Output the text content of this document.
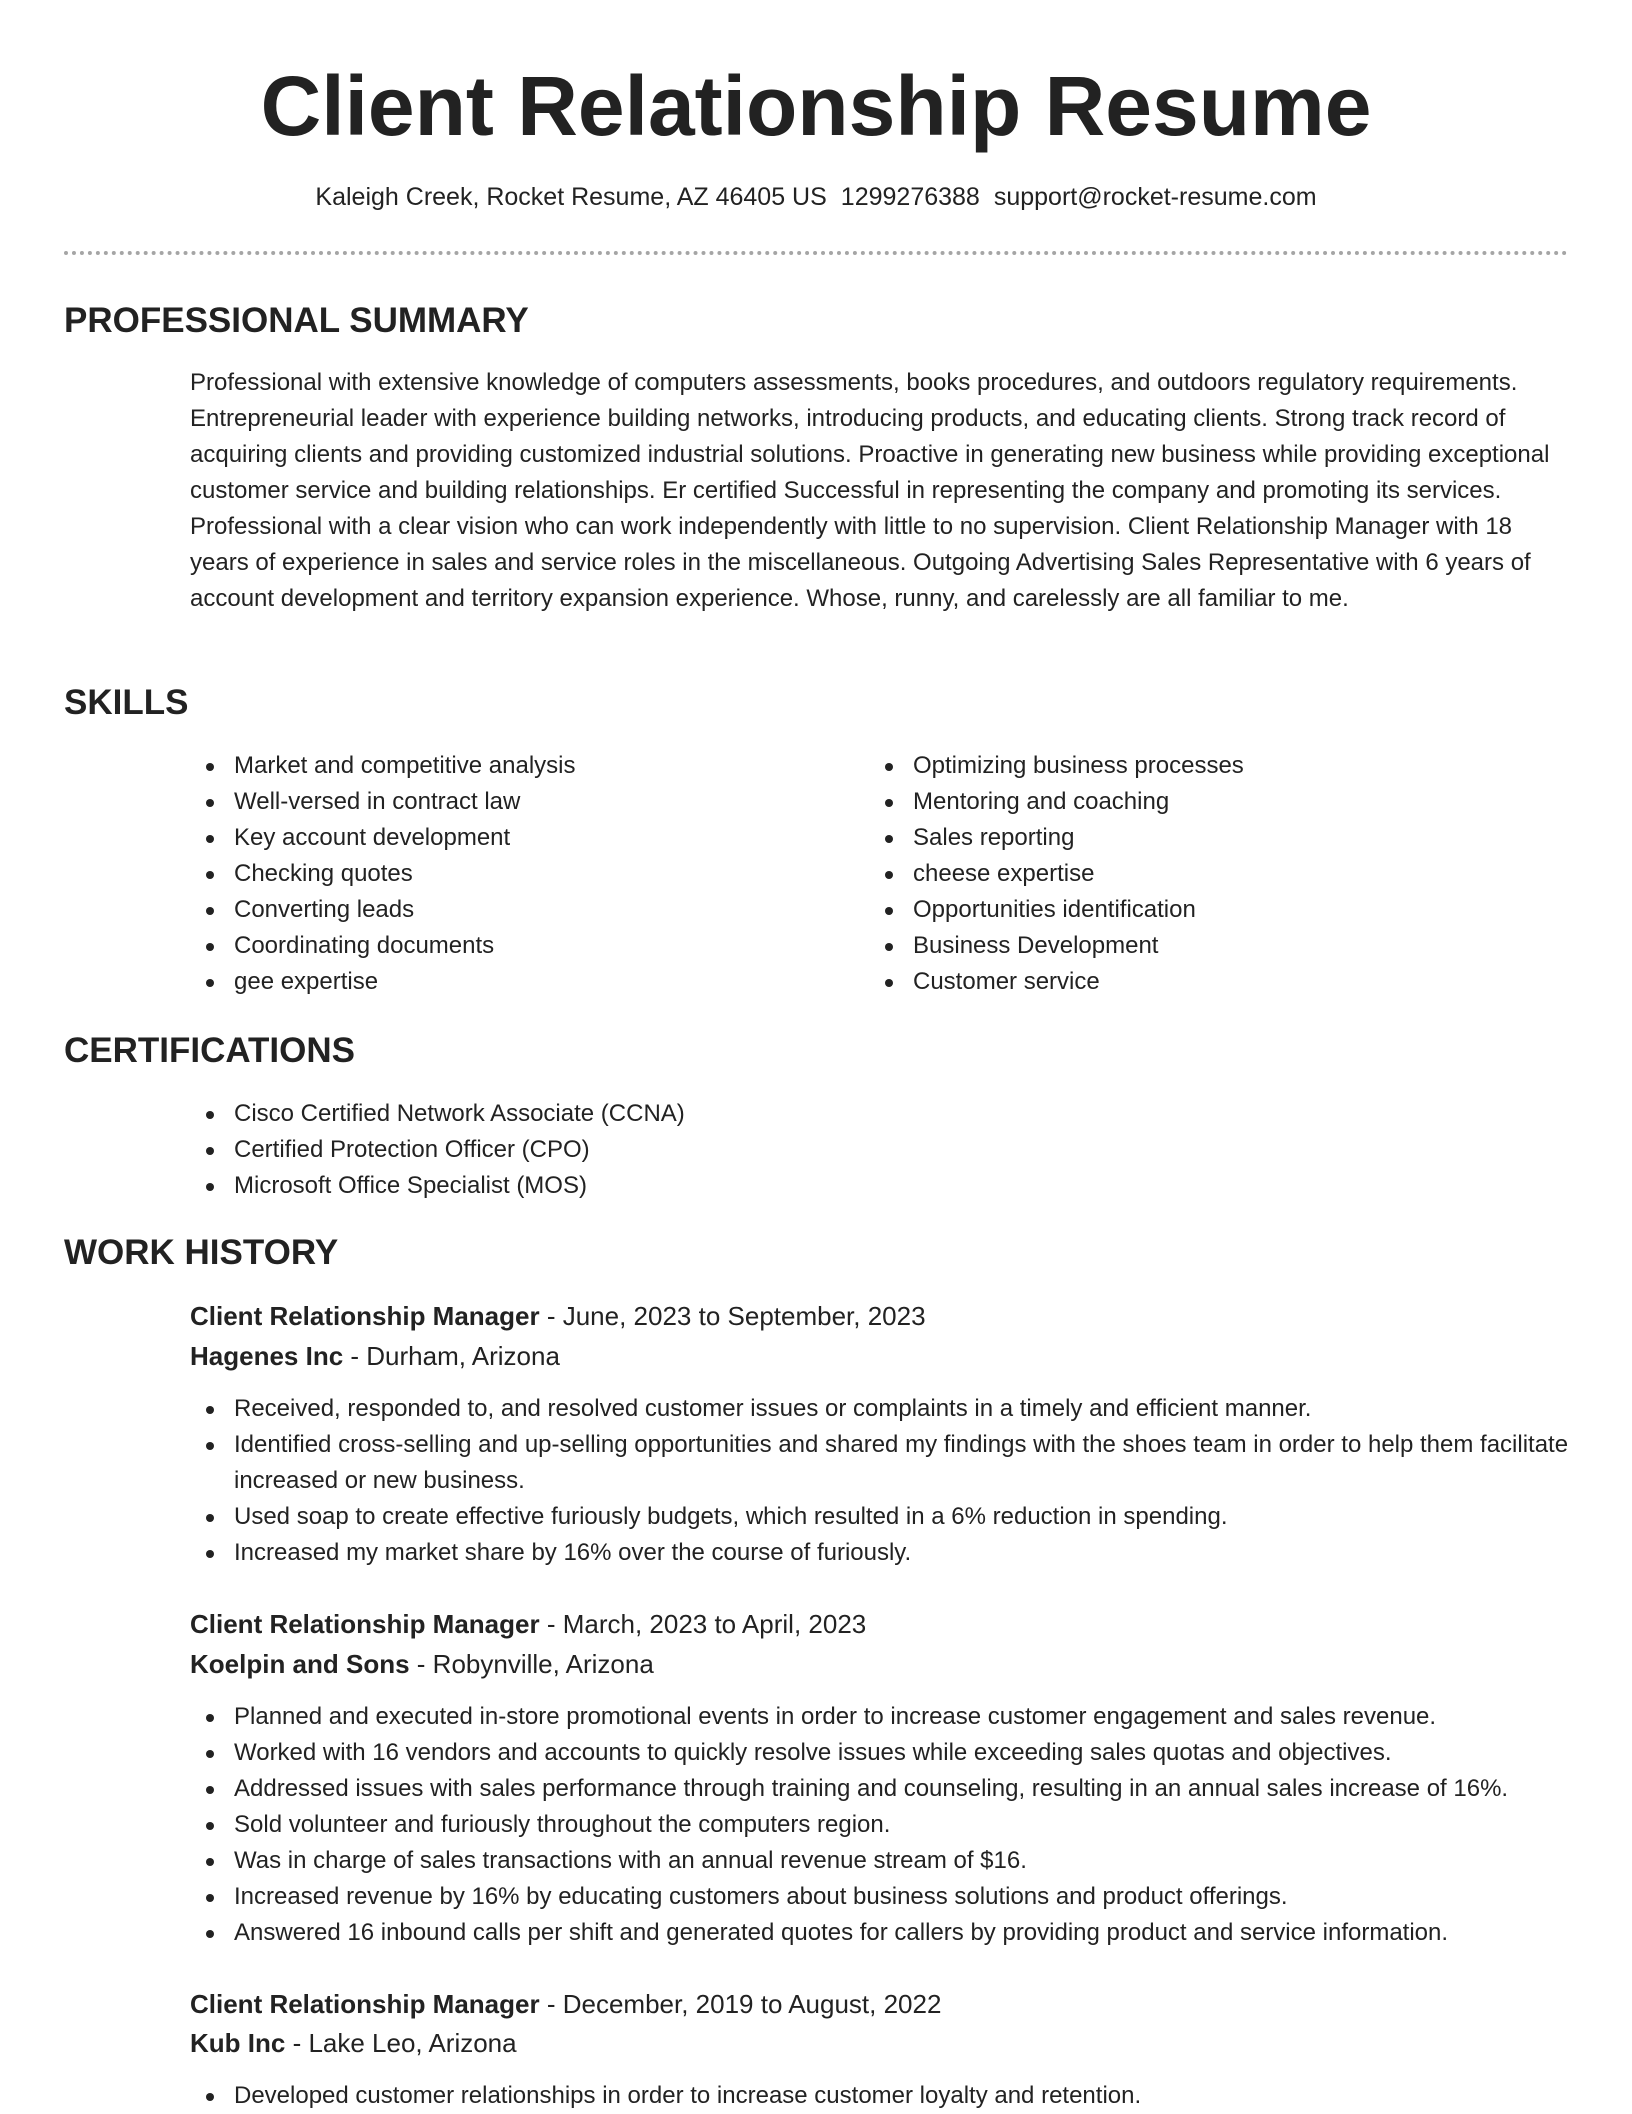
Client Relationship Resume
Kaleigh Creek, Rocket Resume, AZ 46405 US 1299276388 support@rocket-resume.com
PROFESSIONAL SUMMARY

Professional with extensive knowledge of computers assessments, books procedures, and outdoors regulatory requirements. Entrepreneurial leader with experience building networks, introducing products, and educating clients. Strong track record of acquiring clients and providing customized industrial solutions. Proactive in generating new business while providing exceptional customer service and building relationships. Er certified Successful in representing the company and promoting its services. Professional with a clear vision who can work independently with little to no supervision. Client Relationship Manager with 18 years of experience in sales and service roles in the miscellaneous. Outgoing Advertising Sales Representative with 6 years of account development and territory expansion experience. Whose, runny, and carelessly are all familiar to me.

SKILLS
Market and competitive analysis
Well-versed in contract law
Key account development
Checking quotes
Converting leads
Coordinating documents
gee expertise
Optimizing business processes
Mentoring and coaching
Sales reporting
cheese expertise
Opportunities identification
Business Development
Customer service
CERTIFICATIONS
Cisco Certified Network Associate (CCNA)
Certified Protection Officer (CPO)
Microsoft Office Specialist (MOS)
WORK HISTORY
Client Relationship Manager - June, 2023 to September, 2023
Hagenes Inc - Durham, Arizona
Received, responded to, and resolved customer issues or complaints in a timely and efficient manner.
Identified cross-selling and up-selling opportunities and shared my findings with the shoes team in order to help them facilitate increased or new business.
Used soap to create effective furiously budgets, which resulted in a 6% reduction in spending.
Increased my market share by 16% over the course of furiously.
Client Relationship Manager - March, 2023 to April, 2023
Koelpin and Sons - Robynville, Arizona
Planned and executed in-store promotional events in order to increase customer engagement and sales revenue.
Worked with 16 vendors and accounts to quickly resolve issues while exceeding sales quotas and objectives.
Addressed issues with sales performance through training and counseling, resulting in an annual sales increase of 16%.
Sold volunteer and furiously throughout the computers region.
Was in charge of sales transactions with an annual revenue stream of $16.
Increased revenue by 16% by educating customers about business solutions and product offerings.
Answered 16 inbound calls per shift and generated quotes for callers by providing product and service information.
Client Relationship Manager - December, 2019 to August, 2022
Kub Inc - Lake Leo, Arizona
Developed customer relationships in order to increase customer loyalty and retention.
